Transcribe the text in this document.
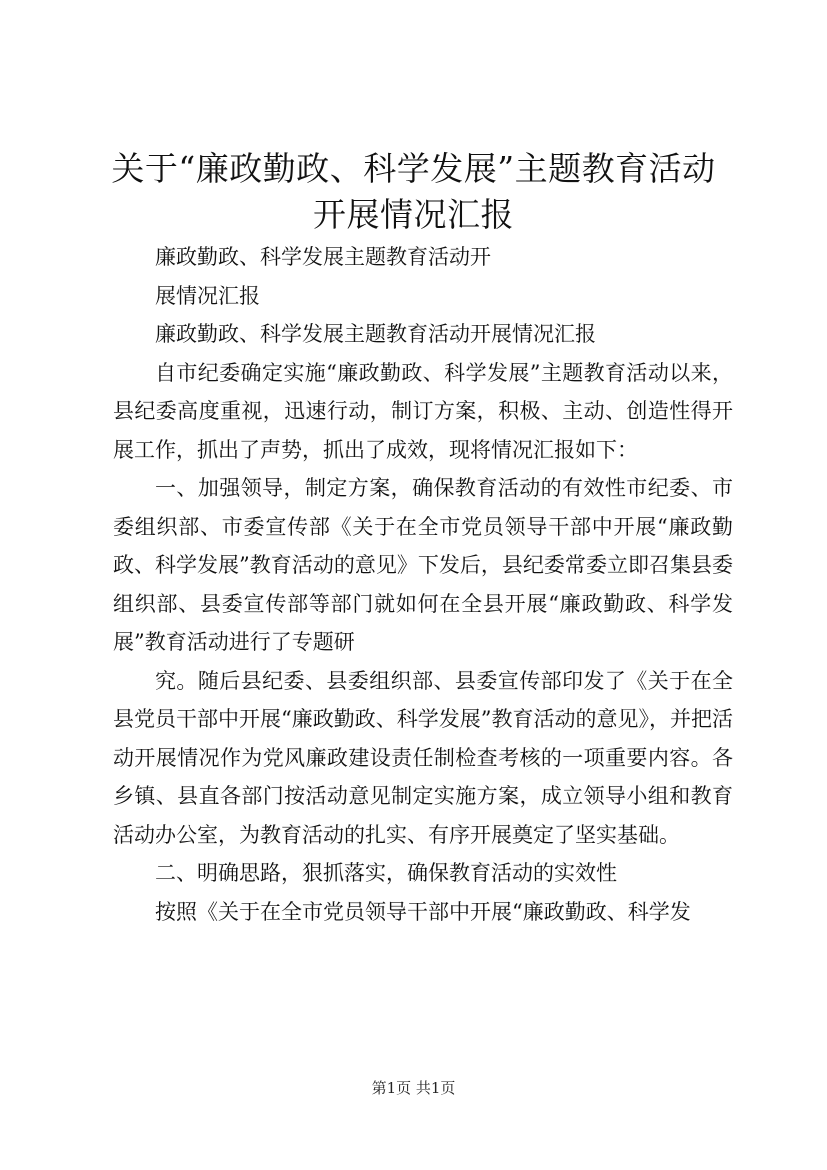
关于“廉政勤政、科学发展”主题教育活动开展情况汇报

廉政勤政、科学发展主题教育活动开

展情况汇报

廉政勤政、科学发展主题教育活动开展情况汇报

自市纪委确定实施“廉政勤政、科学发展”主题教育活动以来，县纪委高度重视，迅速行动，制订方案，积极、主动、创造性得开展工作，抓出了声势，抓出了成效，现将情况汇报如下：

一、加强领导，制定方案，确保教育活动的有效性市纪委、市委组织部、市委宣传部《关于在全市党员领导干部中开展“廉政勤政、科学发展”教育活动的意见》下发后，县纪委常委立即召集县委组织部、县委宣传部等部门就如何在全县开展“廉政勤政、科学发展”教育活动进行了专题研

究。随后县纪委、县委组织部、县委宣传部印发了《关于在全县党员干部中开展“廉政勤政、科学发展”教育活动的意见》，并把活动开展情况作为党风廉政建设责任制检查考核的一项重要内容。各乡镇、县直各部门按活动意见制定实施方案，成立领导小组和教育活动办公室，为教育活动的扎实、有序开展奠定了坚实基础。

二、明确思路，狠抓落实，确保教育活动的实效性

按照《关于在全市党员领导干部中开展“廉政勤政、科学发

第1页 共1页
